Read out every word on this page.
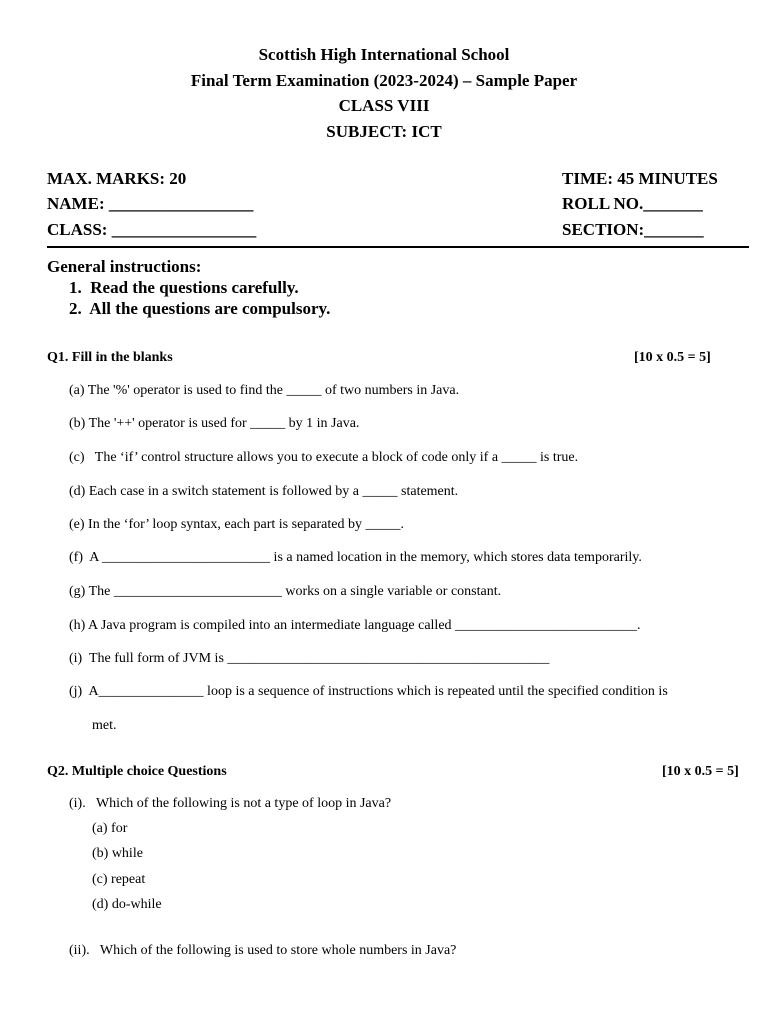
Scottish High International School
Final Term Examination (2023-2024) – Sample Paper
CLASS VIII
SUBJECT: ICT
MAX. MARKS: 20	TIME: 45 MINUTES
NAME: _________________	ROLL NO._______
CLASS: _________________	SECTION:_______
General instructions:
1.  Read the questions carefully.
2.  All the questions are compulsory.
Q1. Fill in the blanks	[10 x 0.5 = 5]
(a) The '%' operator is used to find the _____ of two numbers in Java.
(b) The '++' operator is used for _____ by 1 in Java.
(c)   The ‘if’ control structure allows you to execute a block of code only if a _____ is true.
(d) Each case in a switch statement is followed by a _____ statement.
(e) In the ‘for’ loop syntax, each part is separated by _____.
(f)  A ________________________ is a named location in the memory, which stores data temporarily.
(g) The ________________________ works on a single variable or constant.
(h) A Java program is compiled into an intermediate language called __________________________.
(i)  The full form of JVM is ______________________________________________
(j)  A_______________ loop is a sequence of instructions which is repeated until the specified condition is
met.
Q2. Multiple choice Questions	[10 x 0.5 = 5]
(i).   Which of the following is not a type of loop in Java?
(a) for
(b) while
(c) repeat
(d) do-while
(ii).   Which of the following is used to store whole numbers in Java?
